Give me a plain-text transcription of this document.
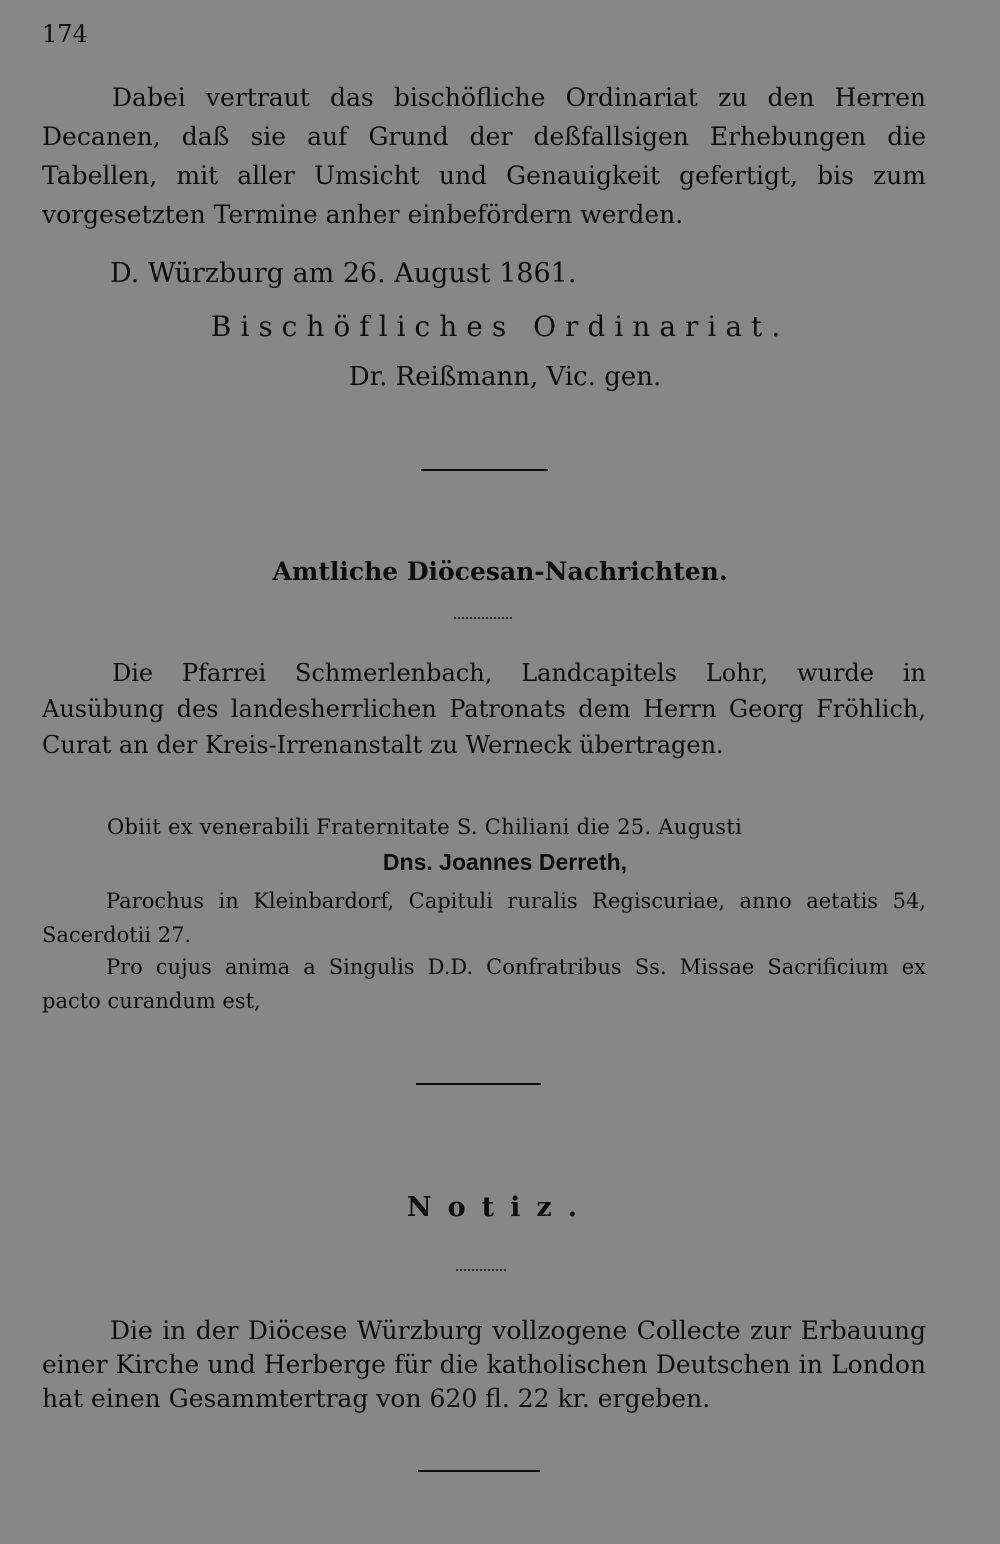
174

Dabei vertraut das bischöfliche Ordinariat zu den Herren Decanen, daß sie auf Grund der deßfallsigen Erhebungen die Tabellen, mit aller Umsicht und Genauigkeit gefertigt, bis zum vorgesetzten Termine anher einbefördern werden.

D. Würzburg am 26. August 1861.
Bischöfliches Ordinariat.
Dr. Reißmann, Vic. gen.
Amtliche Diöcesan-Nachrichten.

Die Pfarrei Schmerlenbach, Landcapitels Lohr, wurde in Ausübung des landesherrlichen Patronats dem Herrn Georg Fröhlich, Curat an der Kreis-Irrenanstalt zu Werneck übertragen.

Obiit ex venerabili Fraternitate S. Chiliani die 25. Augusti
Dns. Joannes Derreth,

Parochus in Kleinbardorf, Capituli ruralis Regiscuriae, anno aetatis 54, Sacerdotii 27.

Pro cujus anima a Singulis D.D. Confratribus Ss. Missae Sacrificium ex pacto curandum est,

Notiz.

Die in der Diöcese Würzburg vollzogene Collecte zur Erbauung einer Kirche und Herberge für die katholischen Deutschen in London hat einen Gesammtertrag von 620 fl. 22 kr. ergeben.
